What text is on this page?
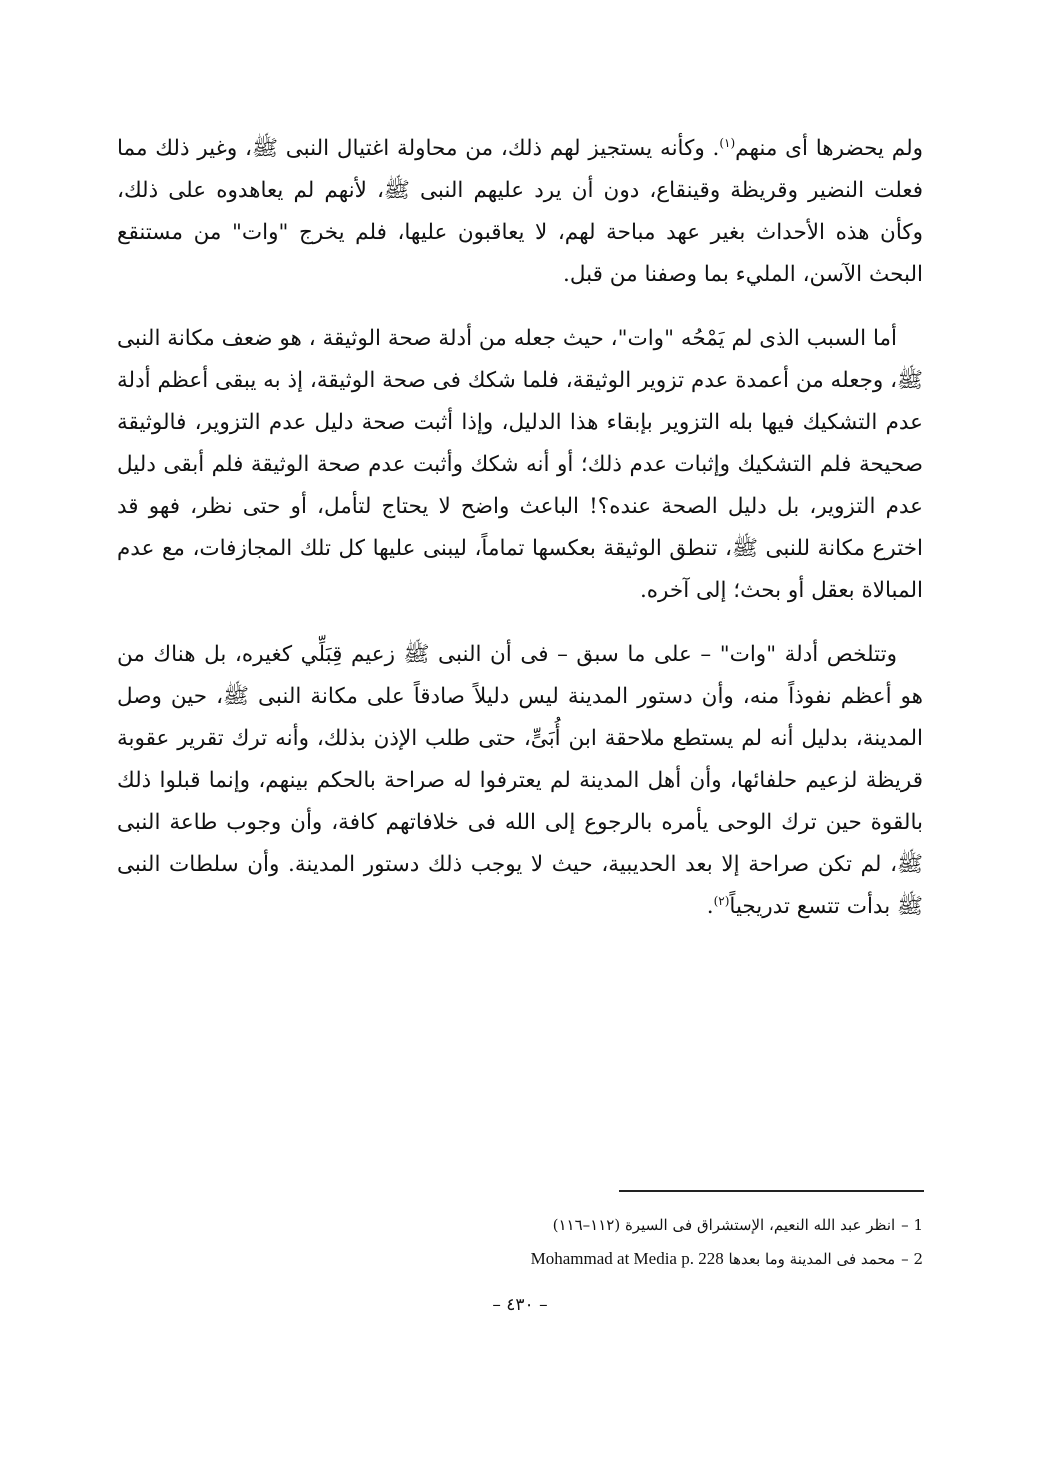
ولم يحضرها أى منهم$^{(١)}$. وكأنه يستجيز لهم ذلك، من محاولة اغتيال النبى ﷺ، وغير ذلك مما فعلت النضير وقريظة وقينقاع، دون أن يرد عليهم النبى ﷺ، لأنهم لم يعاهدوه على ذلك، وكأن هذه الأحداث بغير عهد مباحة لهم، لا يعاقبون عليها، فلم يخرج "وات" من مستنقع البحث الآسن، المليء بما وصفنا من قبل.

أما السبب الذى لم يَمْحُه "وات"، حيث جعله من أدلة صحة الوثيقة ، هو ضعف مكانة النبى ﷺ، وجعله من أعمدة عدم تزوير الوثيقة، فلما شكك فى صحة الوثيقة، إذ به يبقى أعظم أدلة عدم التشكيك فيها بله التزوير بإبقاء هذا الدليل، وإذا أثبت صحة دليل عدم التزوير، فالوثيقة صحيحة فلم التشكيك وإثبات عدم ذلك؛ أو أنه شكك وأثبت عدم صحة الوثيقة فلم أبقى دليل عدم التزوير، بل دليل الصحة عنده؟! الباعث واضح لا يحتاج لتأمل، أو حتى نظر، فهو قد اخترع مكانة للنبى ﷺ، تنطق الوثيقة بعكسها تماماً، ليبنى عليها كل تلك المجازفات، مع عدم المبالاة بعقل أو بحث؛ إلى آخره.

وتتلخص أدلة "وات" – على ما سبق – فى أن النبى ﷺ زعيم قِبَلِّي كغيره، بل هناك من هو أعظم نفوذاً منه، وأن دستور المدينة ليس دليلاً صادقاً على مكانة النبى ﷺ، حين وصل المدينة، بدليل أنه لم يستطع ملاحقة ابن أُبَىٍّ، حتى طلب الإذن بذلك، وأنه ترك تقرير عقوبة قريظة لزعيم حلفائها، وأن أهل المدينة لم يعترفوا له صراحة بالحكم بينهم، وإنما قبلوا ذلك بالقوة حين ترك الوحى يأمره بالرجوع إلى الله فى خلافاتهم كافة، وأن وجوب طاعة النبى ﷺ، لم تكن صراحة إلا بعد الحديبية، حيث لا يوجب ذلك دستور المدينة. وأن سلطات النبى ﷺ بدأت تتسع تدريجياً$^{(٢)}$.

1 –انظر عبد الله النعيم، الإستشراق فى السيرة (١١٢–١١٦)
2 –محمد فى المدينة وما بعدها Mohammad at Media p. 228
– ٤٣٠ –
